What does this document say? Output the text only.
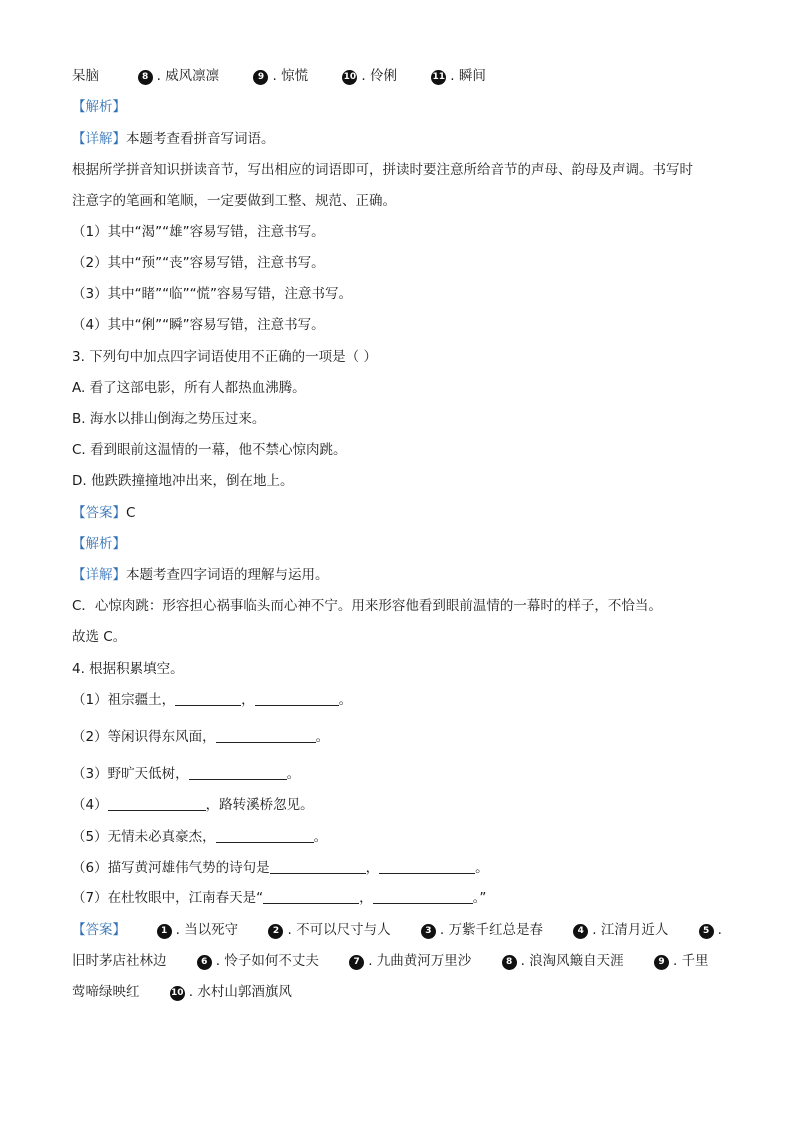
呆脑	8 . 威风凛凛	9 . 惊慌	10 . 伶俐	11 . 瞬间
【解析】
【详解】本题考查看拼音写词语。
根据所学拼音知识拼读音节，写出相应的词语即可，拼读时要注意所给音节的声母、韵母及声调。书写时
注意字的笔画和笔顺，一定要做到工整、规范、正确。
（1）其中“渴”“雄”容易写错，注意书写。
（2）其中“预”“丧”容易写错，注意书写。
（3）其中“睹”“临”“慌”容易写错，注意书写。
（4）其中“俐”“瞬”容易写错，注意书写。
3. 下列句中加点四字词语使用不正确的一项是（ ）
A. 看了这部电影，所有人都热血沸腾。
B. 海水以排山倒海之势压过来。
C. 看到眼前这温情的一幕，他不禁心惊肉跳。
D. 他跌跌撞撞地冲出来，倒在地上。
【答案】C
【解析】
【详解】本题考查四字词语的理解与运用。
C．心惊肉跳：形容担心祸事临头而心神不宁。用来形容他看到眼前温情的一幕时的样子，不恰当。
故选 C。
4. 根据积累填空。
（1）祖宗疆土，	，	。
（2）等闲识得东风面，	。
（3）野旷天低树，	。
（4）	，路转溪桥忽见。
（5）无情未必真豪杰，	。
（6）描写黄河雄伟气势的诗句是	，	。
（7）在杜牧眼中，江南春天是“	，	。”
【答案】	1 . 当以死守	2 . 不可以尺寸与人	3 . 万紫千红总是春	4 . 江清月近人	5 .
旧时茅店社林边	6 . 怜子如何不丈夫	7 . 九曲黄河万里沙	8 . 浪淘风簸自天涯	9 . 千里
莺啼绿映红	10 . 水村山郭酒旗风
